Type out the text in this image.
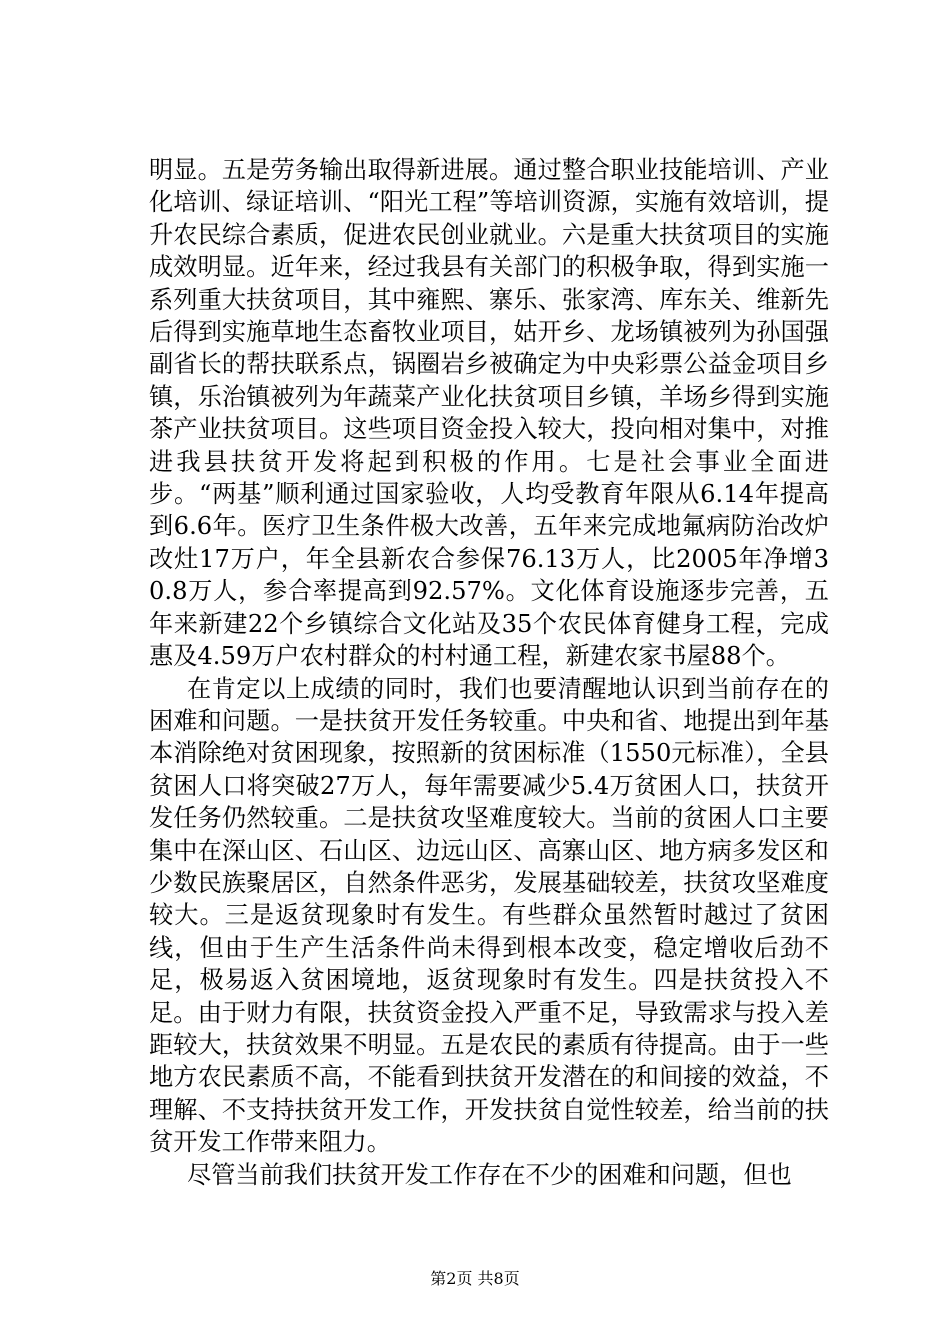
明显。五是劳务输出取得新进展。通过整合职业技能培训、产业化培训、绿证培训、“阳光工程”等培训资源，实施有效培训，提升农民综合素质，促进农民创业就业。六是重大扶贫项目的实施成效明显。近年来，经过我县有关部门的积极争取，得到实施一系列重大扶贫项目，其中雍熙、寨乐、张家湾、库东关、维新先后得到实施草地生态畜牧业项目，姑开乡、龙场镇被列为孙国强副省长的帮扶联系点，锅圈岩乡被确定为中央彩票公益金项目乡镇，乐治镇被列为年蔬菜产业化扶贫项目乡镇，羊场乡得到实施茶产业扶贫项目。这些项目资金投入较大，投向相对集中，对推进我县扶贫开发将起到积极的作用。七是社会事业全面进步。“两基”顺利通过国家验收，人均受教育年限从6.14年提高到6.6年。医疗卫生条件极大改善，五年来完成地氟病防治改炉改灶17万户，年全县新农合参保76.13万人，比2005年净增30.8万人，参合率提高到92.57%。文化体育设施逐步完善，五年来新建22个乡镇综合文化站及35个农民体育健身工程，完成惠及4.59万户农村群众的村村通工程，新建农家书屋88个。

在肯定以上成绩的同时，我们也要清醒地认识到当前存在的困难和问题。一是扶贫开发任务较重。中央和省、地提出到年基本消除绝对贫困现象，按照新的贫困标准（1550元标准），全县贫困人口将突破27万人，每年需要减少5.4万贫困人口，扶贫开发任务仍然较重。二是扶贫攻坚难度较大。当前的贫困人口主要集中在深山区、石山区、边远山区、高寨山区、地方病多发区和少数民族聚居区，自然条件恶劣，发展基础较差，扶贫攻坚难度较大。三是返贫现象时有发生。有些群众虽然暂时越过了贫困线，但由于生产生活条件尚未得到根本改变，稳定增收后劲不足，极易返入贫困境地，返贫现象时有发生。四是扶贫投入不足。由于财力有限，扶贫资金投入严重不足，导致需求与投入差距较大，扶贫效果不明显。五是农民的素质有待提高。由于一些地方农民素质不高，不能看到扶贫开发潜在的和间接的效益，不理解、不支持扶贫开发工作，开发扶贫自觉性较差，给当前的扶贫开发工作带来阻力。

尽管当前我们扶贫开发工作存在不少的困难和问题，但也

第2页 共8页
